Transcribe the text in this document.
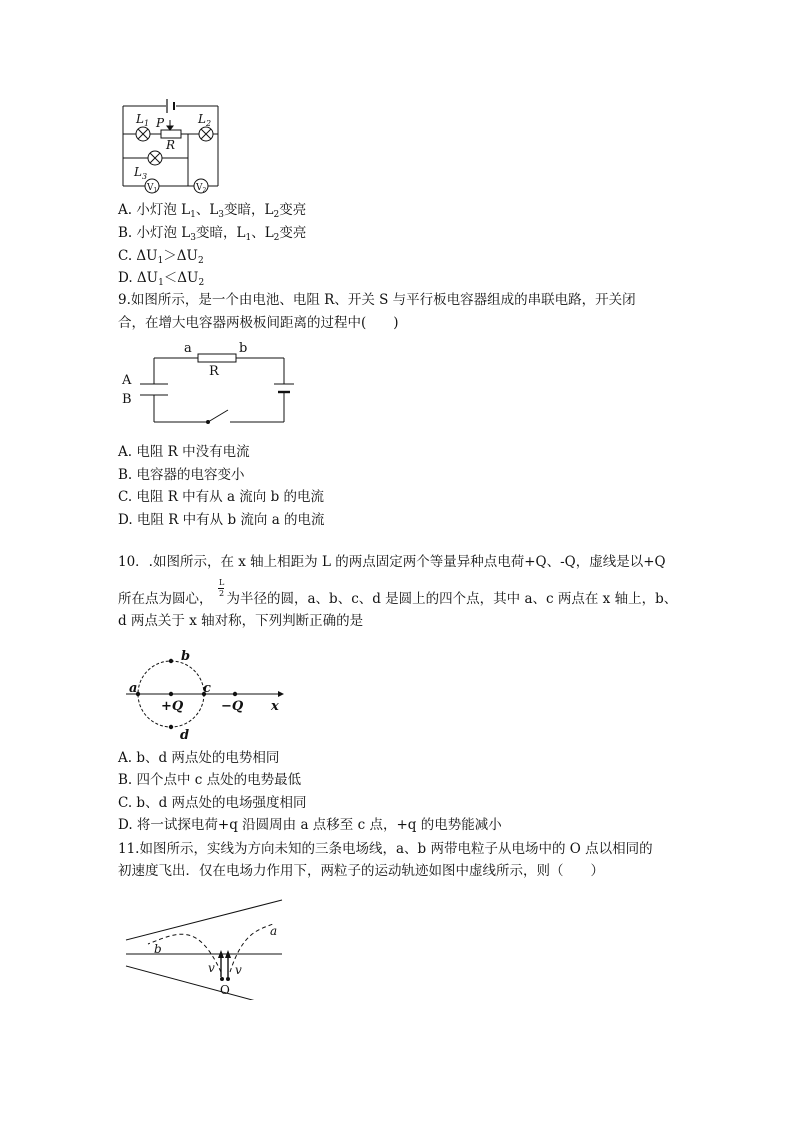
$L_1$ P
R
$L_2$
$L_3$
$V_1$	$V_2$
A. 小灯泡 $L_1$、$L_3$变暗，$L_2$变亮
B. 小灯泡 $L_3$变暗，$L_1$、$L_2$变亮
C. $\Delta U_1>\Delta U_2$
D. $\Delta U_1<\Delta U_2$
9.如图所示，是一个由电池、电阻 R、开关 S 与平行板电容器组成的串联电路，开关闭
合，在增大电容器两极板间距离的过程中(　　)
a	b
R
A
B
A. 电阻 R 中没有电流
B. 电容器的电容变小
C. 电阻 R 中有从 a 流向 b 的电流
D. 电阻 R 中有从 b 流向 a 的电流
10．.如图所示，在 x 轴上相距为 L 的两点固定两个等量异种点电荷+Q、-Q，虚线是以+Q
所在点为圆心， 为半径的圆，a、b、c、d 是圆上的四个点，其中 a、c 两点在 x 轴上，b、
L
2
d 两点关于 x 轴对称，下列判断正确的是
a
b
c
d
+Q	−Q x
A. b、d 两点处的电势相同
B. 四个点中 c 点处的电势最低
C. b、d 两点处的电场强度相同
D. 将一试探电荷+q 沿圆周由 a 点移至 c 点，+q 的电势能减小
11.如图所示，实线为方向未知的三条电场线，a、b 两带电粒子从电场中的 O 点以相同的
初速度飞出．仅在电场力作用下，两粒子的运动轨迹如图中虚线所示，则（　　）
a
b
v v
O
